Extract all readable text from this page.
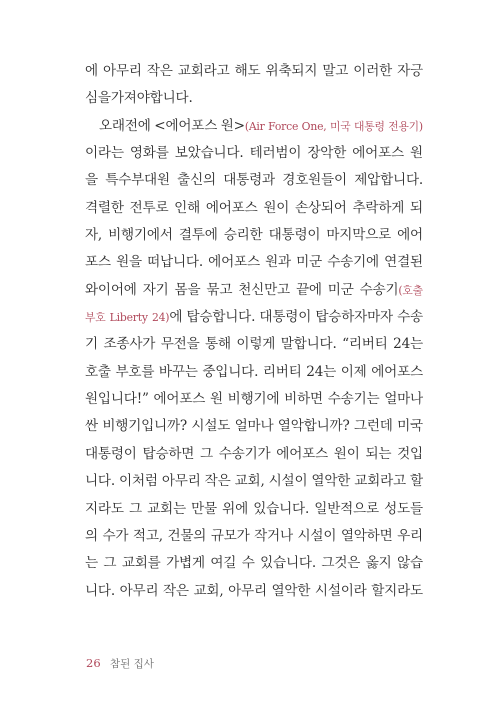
에 아무리 작은 교회라고 해도 위축되지 말고 이러한 자긍
심을 가져야 합니다.
오래전에 <에어포스 원>(Air Force One, 미국 대통령 전용기)
이라는 영화를 보았습니다. 테러범이 장악한 에어포스 원
을 특수부대원 출신의 대통령과 경호원들이 제압합니다.
격렬한 전투로 인해 에어포스 원이 손상되어 추락하게 되
자, 비행기에서 결투에 승리한 대통령이 마지막으로 에어
포스 원을 떠납니다. 에어포스 원과 미군 수송기에 연결된
와이어에 자기 몸을 묶고 천신만고 끝에 미군 수송기(호출
부호 Liberty 24)에 탑승합니다. 대통령이 탑승하자마자 수송
기 조종사가 무전을 통해 이렇게 말합니다. “리버티 24는
호출 부호를 바꾸는 중입니다. 리버티 24는 이제 에어포스
원입니다!” 에어포스 원 비행기에 비하면 수송기는 얼마나
싼 비행기입니까? 시설도 얼마나 열악합니까? 그런데 미국
대통령이 탑승하면 그 수송기가 에어포스 원이 되는 것입
니다. 이처럼 아무리 작은 교회, 시설이 열악한 교회라고 할
지라도 그 교회는 만물 위에 있습니다. 일반적으로 성도들
의 수가 적고, 건물의 규모가 작거나 시설이 열악하면 우리
는 그 교회를 가볍게 여길 수 있습니다. 그것은 옳지 않습
니다. 아무리 작은 교회, 아무리 열악한 시설이라 할지라도
26 참된 집사
